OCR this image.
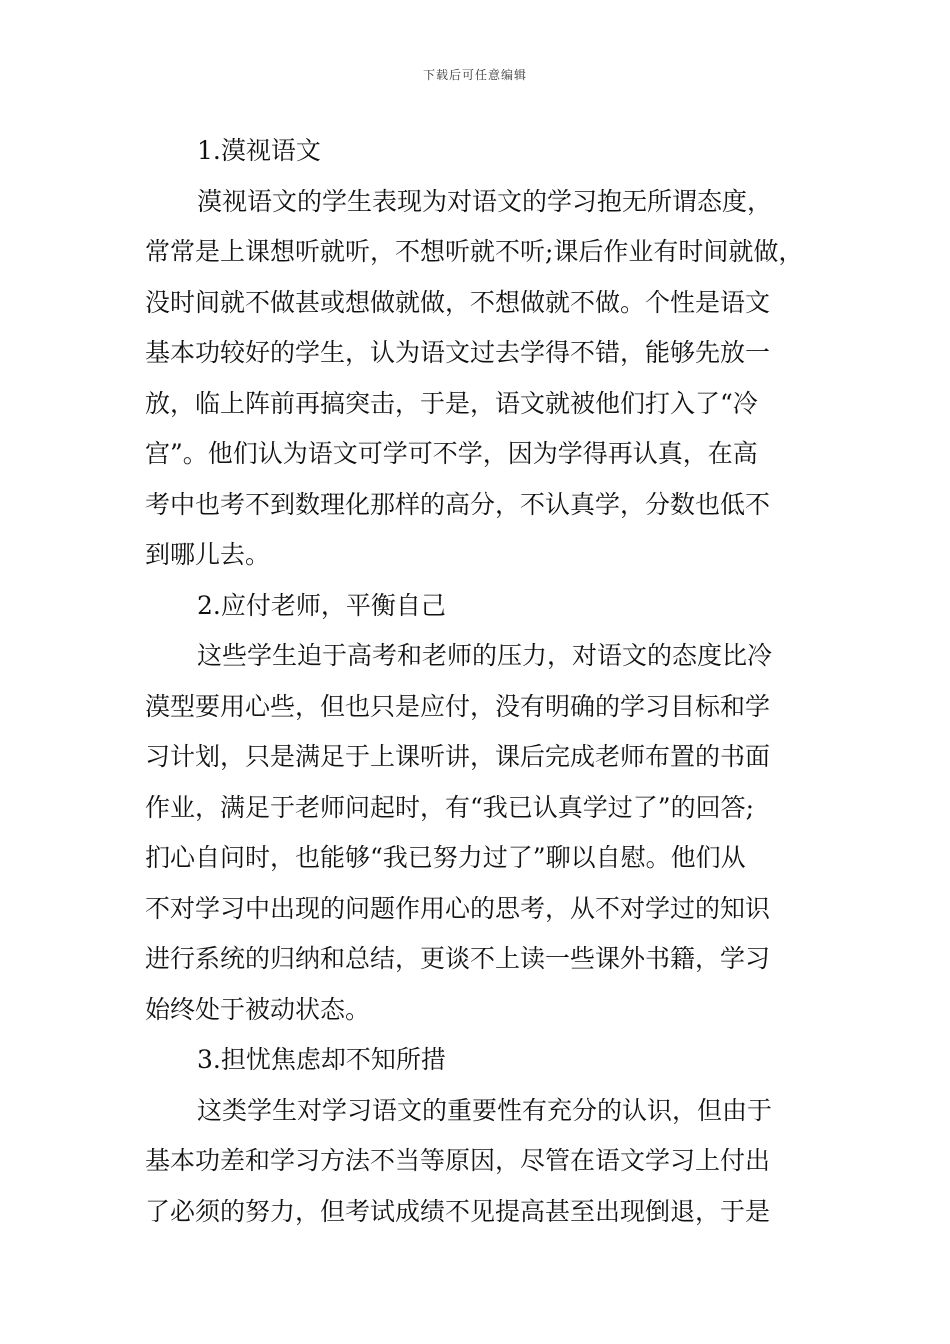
下载后可任意编辑
1.漠视语文
漠视语文的学生表现为对语文的学习抱无所谓态度，
常常是上课想听就听，不想听就不听;课后作业有时间就做，
没时间就不做甚或想做就做，不想做就不做。个性是语文
基本功较好的学生，认为语文过去学得不错，能够先放一
放，临上阵前再搞突击，于是，语文就被他们打入了“冷
宫”。他们认为语文可学可不学，因为学得再认真，在高
考中也考不到数理化那样的高分，不认真学，分数也低不
到哪儿去。
2.应付老师，平衡自己
这些学生迫于高考和老师的压力，对语文的态度比冷
漠型要用心些，但也只是应付，没有明确的学习目标和学
习计划，只是满足于上课听讲，课后完成老师布置的书面
作业，满足于老师问起时，有“我已认真学过了”的回答;
扪心自问时，也能够“我已努力过了”聊以自慰。他们从
不对学习中出现的问题作用心的思考，从不对学过的知识
进行系统的归纳和总结，更谈不上读一些课外书籍，学习
始终处于被动状态。
3.担忧焦虑却不知所措
这类学生对学习语文的重要性有充分的认识，但由于
基本功差和学习方法不当等原因，尽管在语文学习上付出
了必须的努力，但考试成绩不见提高甚至出现倒退，于是
